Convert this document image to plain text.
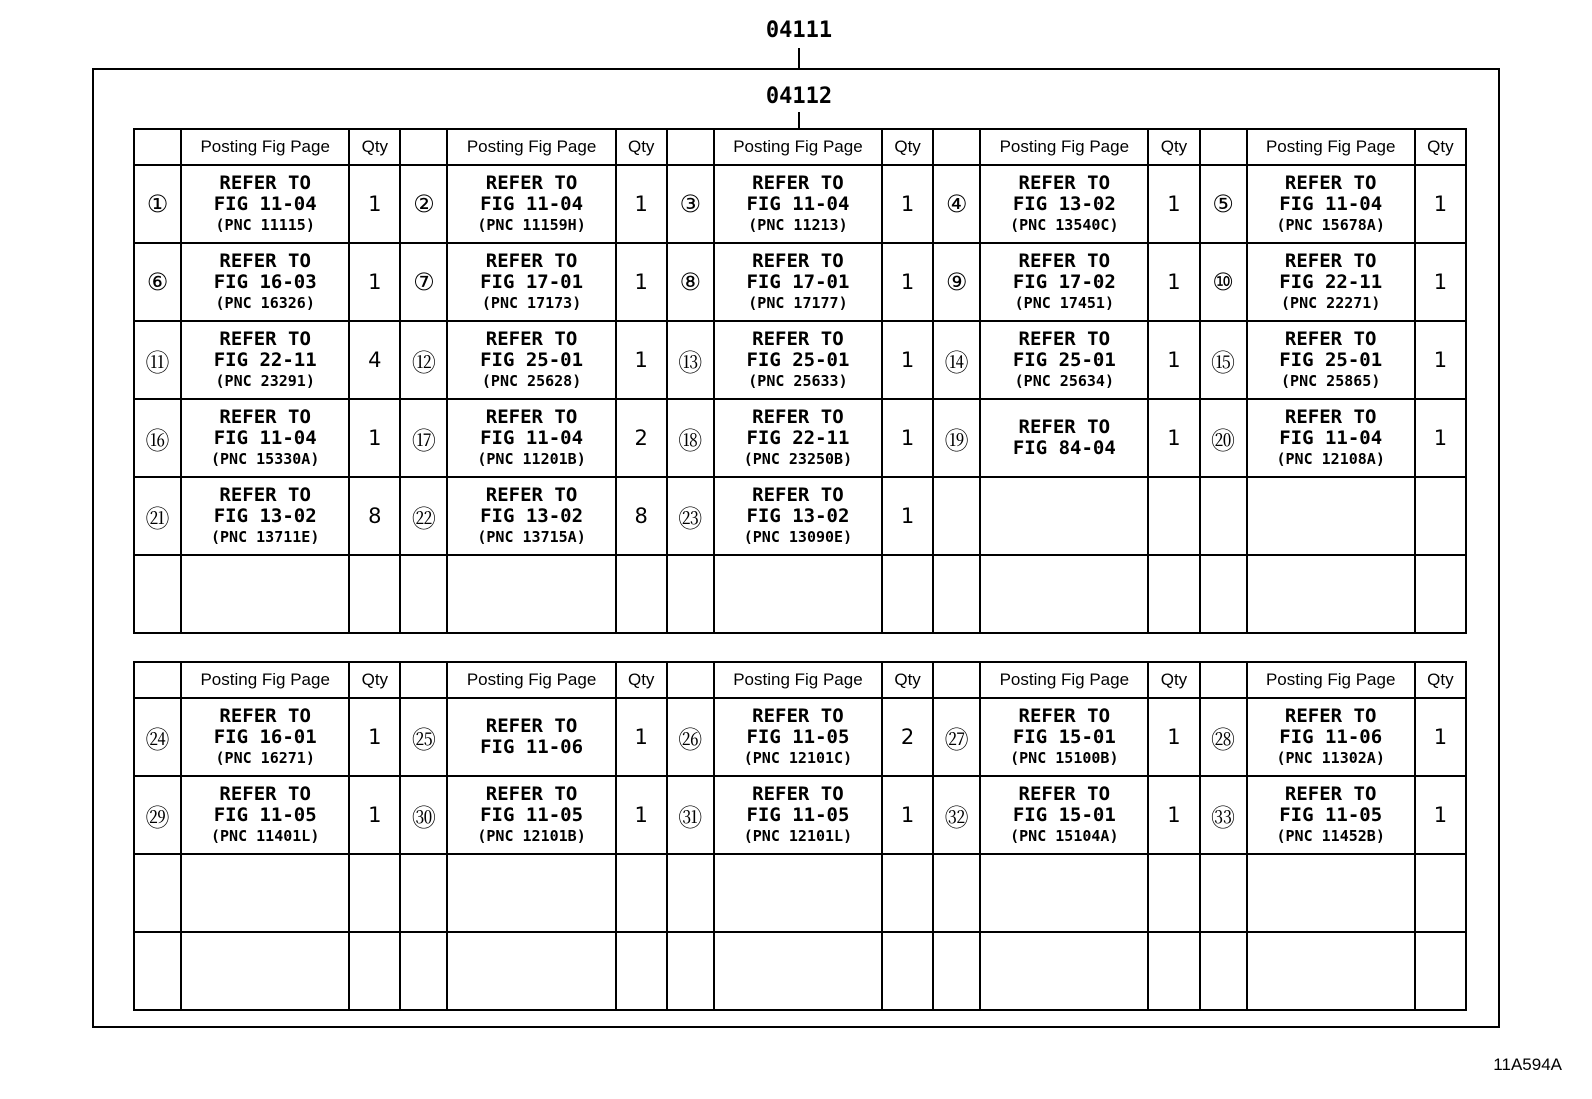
04111
04112
	Posting Fig Page	Qty		Posting Fig Page	Qty		Posting Fig Page	Qty		Posting Fig Page	Qty		Posting Fig Page	Qty
①	REFER TO
FIG 11-04
(PNC 11115)	1	②	REFER TO
FIG 11-04
(PNC 11159H)	1	③	REFER TO
FIG 11-04
(PNC 11213)	1	④	REFER TO
FIG 13-02
(PNC 13540C)	1	⑤	REFER TO
FIG 11-04
(PNC 15678A)	1
⑥	REFER TO
FIG 16-03
(PNC 16326)	1	⑦	REFER TO
FIG 17-01
(PNC 17173)	1	⑧	REFER TO
FIG 17-01
(PNC 17177)	1	⑨	REFER TO
FIG 17-02
(PNC 17451)	1	⑩	REFER TO
FIG 22-11
(PNC 22271)	1
⑪	REFER TO
FIG 22-11
(PNC 23291)	4	⑫	REFER TO
FIG 25-01
(PNC 25628)	1	⑬	REFER TO
FIG 25-01
(PNC 25633)	1	⑭	REFER TO
FIG 25-01
(PNC 25634)	1	⑮	REFER TO
FIG 25-01
(PNC 25865)	1
⑯	REFER TO
FIG 11-04
(PNC 15330A)	1	⑰	REFER TO
FIG 11-04
(PNC 11201B)	2	⑱	REFER TO
FIG 22-11
(PNC 23250B)	1	⑲	REFER TO
FIG 84-04	1	⑳	REFER TO
FIG 11-04
(PNC 12108A)	1
㉑	REFER TO
FIG 13-02
(PNC 13711E)	8	㉒	REFER TO
FIG 13-02
(PNC 13715A)	8	㉓	REFER TO
FIG 13-02
(PNC 13090E)	1		

	Posting Fig Page	Qty		Posting Fig Page	Qty		Posting Fig Page	Qty		Posting Fig Page	Qty		Posting Fig Page	Qty
㉔	REFER TO
FIG 16-01
(PNC 16271)	1	㉕	REFER TO
FIG 11-06	1	㉖	REFER TO
FIG 11-05
(PNC 12101C)	2	㉗	REFER TO
FIG 15-01
(PNC 15100B)	1	㉘	REFER TO
FIG 11-06
(PNC 11302A)	1
㉙	REFER TO
FIG 11-05
(PNC 11401L)	1	㉚	REFER TO
FIG 11-05
(PNC 12101B)	1	㉛	REFER TO
FIG 11-05
(PNC 12101L)	1	㉜	REFER TO
FIG 15-01
(PNC 15104A)	1	㉝	REFER TO
FIG 11-05
(PNC 11452B)	1

11A594A
